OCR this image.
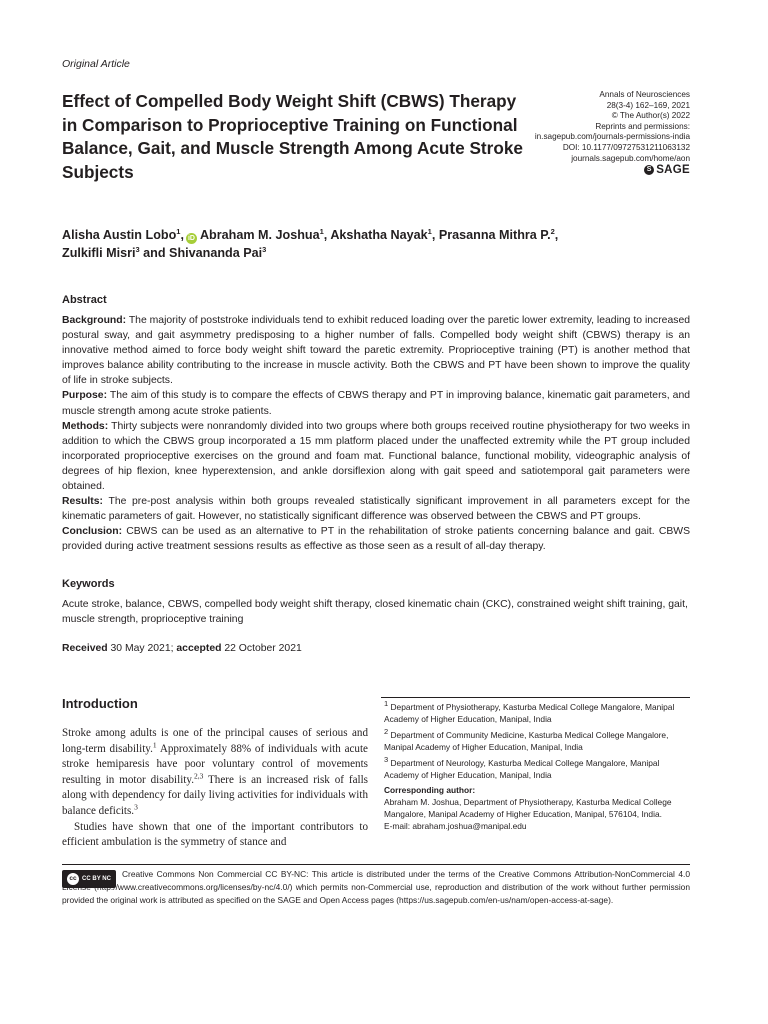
Original Article
Effect of Compelled Body Weight Shift (CBWS) Therapy in Comparison to Proprioceptive Training on Functional Balance, Gait, and Muscle Strength Among Acute Stroke Subjects
Annals of Neurosciences
28(3-4) 162–169, 2021
© The Author(s) 2022
Reprints and permissions:
in.sagepub.com/journals-permissions-india
DOI: 10.1177/09727531211063132
journals.sagepub.com/home/aon
S SAGE
Alisha Austin Lobo$^1$, iD Abraham M. Joshua$^1$, Akshatha Nayak$^1$, Prasanna Mithra P.$^2$,
Zulkifli Misri$^3$ and Shivananda Pai$^3$
Abstract

Background: The majority of poststroke individuals tend to exhibit reduced loading over the paretic lower extremity, leading to increased postural sway, and gait asymmetry predisposing to a higher number of falls. Compelled body weight shift (CBWS) therapy is an innovative method aimed to force body weight shift toward the paretic extremity. Proprioceptive training (PT) is another method that improves balance ability contributing to the increase in muscle activity. Both the CBWS and PT have been shown to improve the quality of life in stroke subjects.

Purpose: The aim of this study is to compare the effects of CBWS therapy and PT in improving balance, kinematic gait parameters, and muscle strength among acute stroke patients.

Methods: Thirty subjects were nonrandomly divided into two groups where both groups received routine physiotherapy for two weeks in addition to which the CBWS group incorporated a 15 mm platform placed under the unaffected extremity while the PT group included incorporated proprioceptive exercises on the ground and foam mat. Functional balance, functional mobility, videographic analysis of degrees of hip flexion, knee hyperextension, and ankle dorsiflexion along with gait speed and satiotemporal gait parameters were obtained.

Results: The pre-post analysis within both groups revealed statistically significant improvement in all parameters except for the kinematic parameters of gait. However, no statistically significant difference was observed between the CBWS and PT groups.

Conclusion: CBWS can be used as an alternative to PT in the rehabilitation of stroke patients concerning balance and gait. CBWS provided during active treatment sessions results as effective as those seen as a result of all-day therapy.

Keywords
Acute stroke, balance, CBWS, compelled body weight shift therapy, closed kinematic chain (CKC), constrained weight shift training, gait, muscle strength, proprioceptive training
Received 30 May 2021; accepted 22 October 2021
Introduction

Stroke among adults is one of the principal causes of serious and long-term disability.$^1$ Approximately 88% of individuals with acute stroke hemiparesis have poor voluntary control of movements resulting in motor disability.$^{2,3}$ There is an increased risk of falls along with dependency for daily living activities for individuals with balance deficits.$^3$

Studies have shown that one of the important contributors to efficient ambulation is the symmetry of stance and

$^1$ Department of Physiotherapy, Kasturba Medical College Mangalore, Manipal Academy of Higher Education, Manipal, India

$^2$ Department of Community Medicine, Kasturba Medical College Mangalore, Manipal Academy of Higher Education, Manipal, India

$^3$ Department of Neurology, Kasturba Medical College Mangalore, Manipal Academy of Higher Education, Manipal, India

Corresponding author:

Abraham M. Joshua, Department of Physiotherapy, Kasturba Medical College Mangalore, Manipal Academy of Higher Education, Manipal, 576104, India.

E-mail: abraham.joshua@manipal.edu

cc CC BY NC	Creative Commons Non Commercial CC BY-NC: This article is distributed under the terms of the Creative Commons Attribution-NonCommercial 4.0 License (http://www.creativecommons.org/licenses/by-nc/4.0/) which permits non-Commercial use, reproduction and distribution of the work without further permission provided the original work is attributed as specified on the SAGE and Open Access pages (https://us.sagepub.com/en-us/nam/open-access-at-sage).
